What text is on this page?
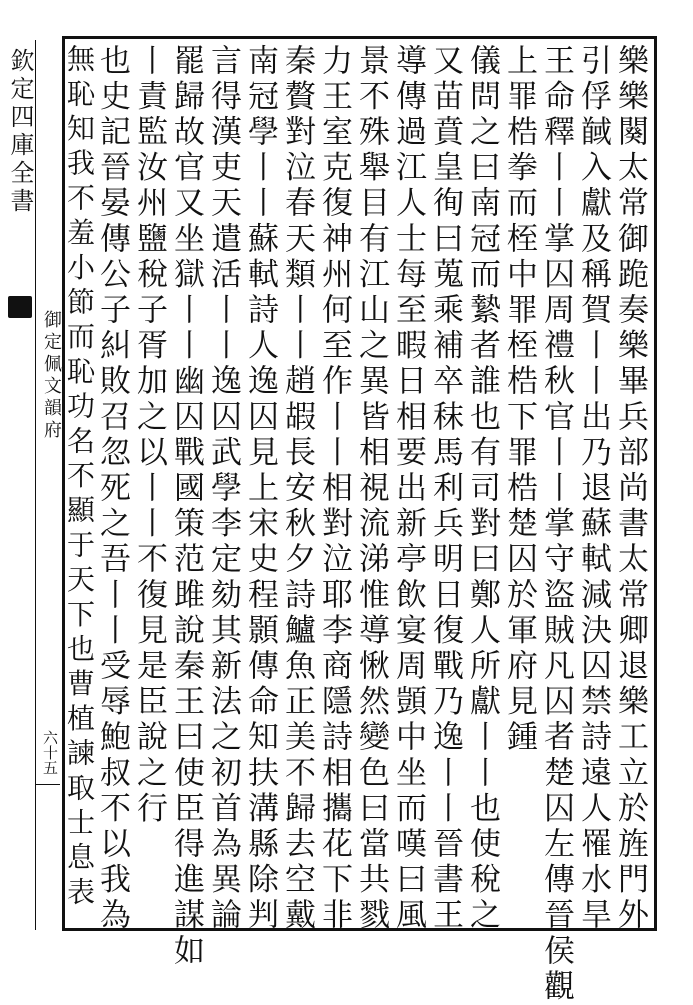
欽定四庫全書
御定佩文韻府
六十五	樂樂闋太常御跪奏樂畢兵部尚書太常卿退樂工立於旌門外
引俘馘入獻及稱賀丨丨出乃退蘇軾減決囚禁詩遠人罹水旱
王命釋丨丨掌囚周禮秋官丨丨掌守盜賊凡囚者楚囚左傳晉侯觀
上罪梏拳而桎中罪桎梏下罪梏楚囚於軍府見鍾
儀問之曰南冠而縶者誰也有司對曰鄭人所獻丨丨也使稅之
又苗賁皇徇曰蒐乘補卒秣馬利兵明日復戰乃逸丨丨晉書王
導傳過江人士每至暇日相要出新亭飲宴周顗中坐而嘆曰風
景不殊舉目有江山之異皆相視流涕惟導愀然變色曰當共戮
力王室克復神州何至作丨丨相對泣耶李商隱詩相攜花下非
秦贅對泣春天類丨丨趙嘏長安秋夕詩鱸魚正美不歸去空戴
南冠學丨丨蘇軾詩人逸囚見上宋史程顥傳命知扶溝縣除判
言得漢吏天遣活丨丨逸囚武學李定劾其新法之初首為異論
罷歸故官又坐獄丨丨幽囚戰國策范雎說秦王曰使臣得進謀如
丨責監汝州鹽稅子胥加之以丨丨不復見是臣說之行
也史記晉晏傳公子糾敗召忽死之吾丨丨受辱鮑叔不以我為
無恥知我不羞小節而恥功名不顯于天下也曹植諫取士息表
